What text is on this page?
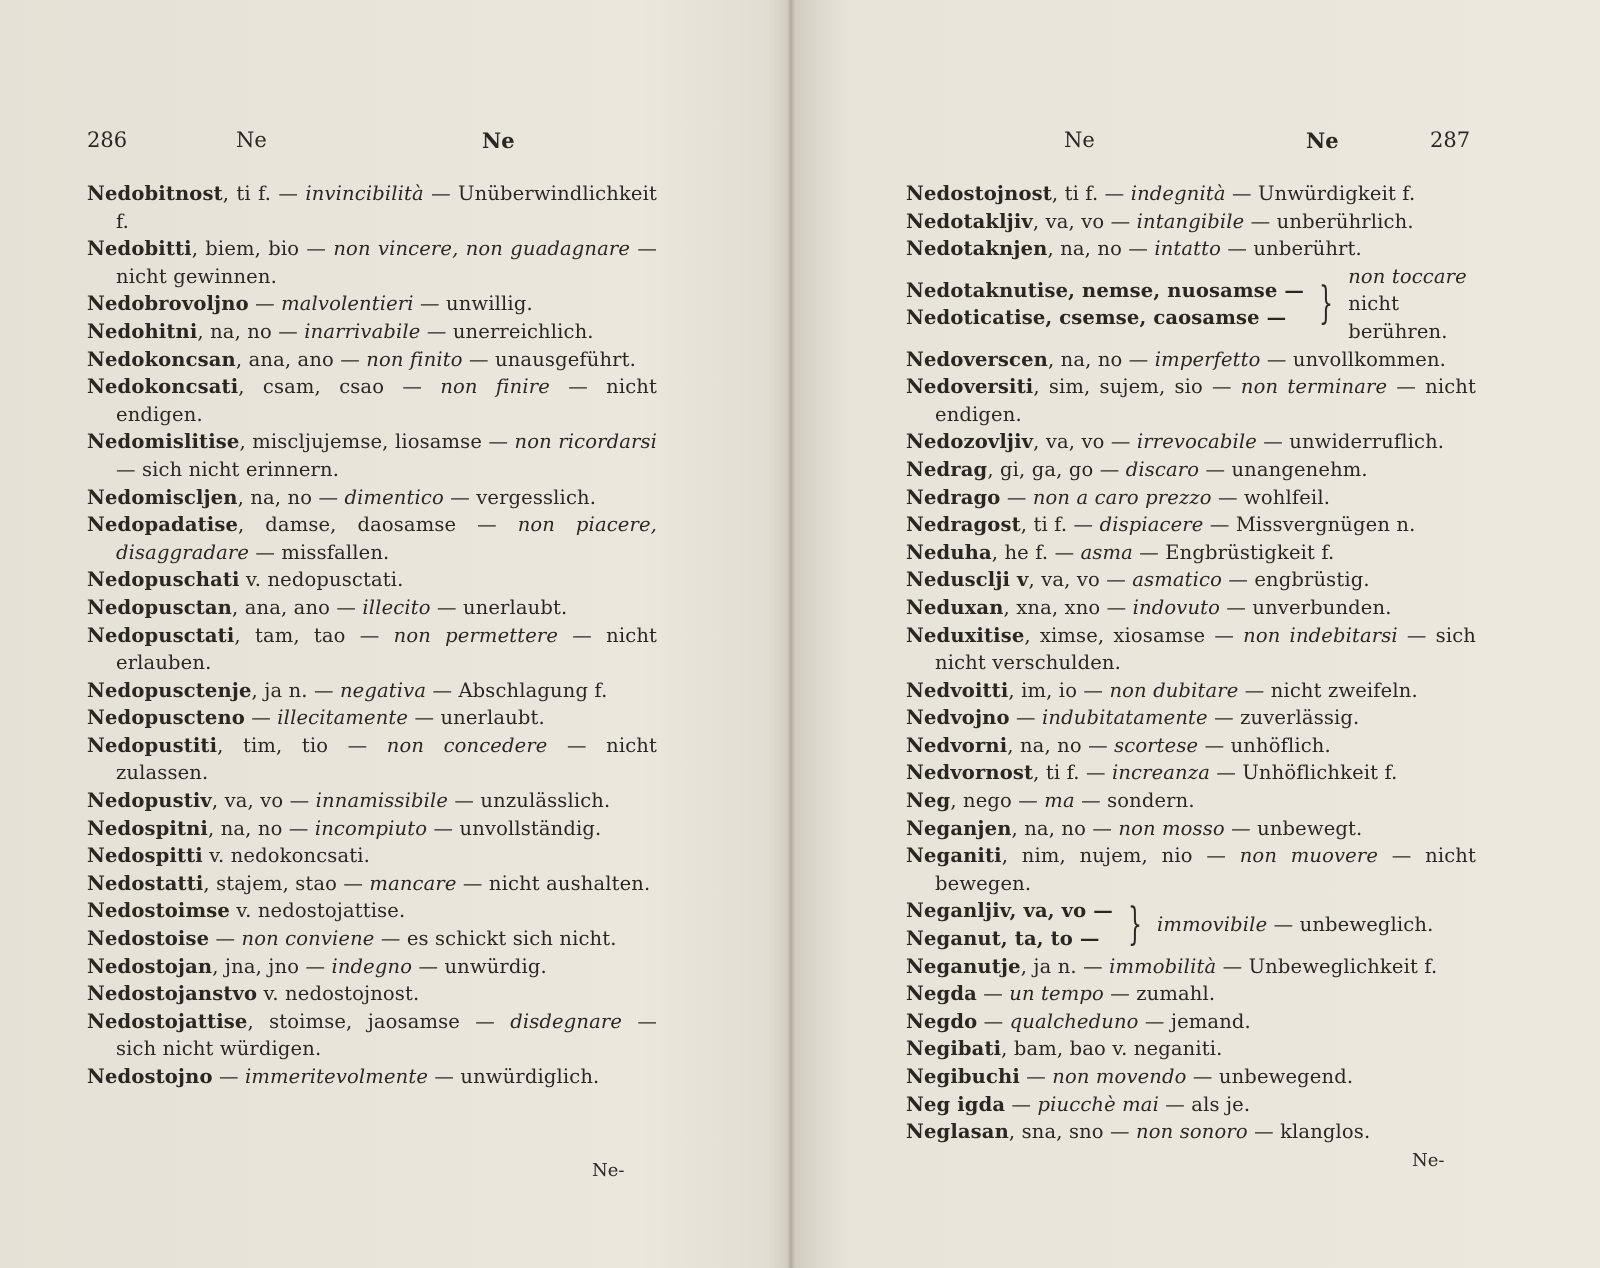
286	Ne	Ne
Nedobitnost, ti f. — invincibilità — Unüberwindlichkeit f.
Nedobitti, biem, bio — non vincere, non guadagnare — nicht gewinnen.
Nedobrovoljno — malvolentieri — unwillig.
Nedohitni, na, no — inarrivabile — unerreichlich.
Nedokoncsan, ana, ano — non finito — unausgeführt.
Nedokoncsati, csam, csao — non finire — nicht endigen.
Nedomislitise, miscljujemse, liosamse — non ricordarsi — sich nicht erinnern.
Nedomiscljen, na, no — dimentico — vergesslich.
Nedopadatise, damse, daosamse — non piacere, disaggradare — missfallen.
Nedopuschati v. nedopusctati.
Nedopusctan, ana, ano — illecito — unerlaubt.
Nedopusctati, tam, tao — non permettere — nicht erlauben.
Nedopusctenje, ja n. — negativa — Abschlagung f.
Nedopuscteno — illecitamente — unerlaubt.
Nedopustiti, tim, tio — non concedere — nicht zulassen.
Nedopustiv, va, vo — innamissibile — unzulässlich.
Nedospitni, na, no — incompiuto — unvollständig.
Nedospitti v. nedokoncsati.
Nedostatti, stajem, stao — mancare — nicht aushalten.
Nedostoimse v. nedostojattise.
Nedostoise — non conviene — es schickt sich nicht.
Nedostojan, jna, jno — indegno — unwürdig.
Nedostojanstvo v. nedostojnost.
Nedostojattise, stoimse, jaosamse — disdegnare — sich nicht würdigen.
Nedostojno — immeritevolmente — unwürdiglich.
Ne-
Ne	Ne	287
Nedostojnost, ti f. — indegnità — Unwürdigkeit f.
Nedotakljiv, va, vo — intangibile — unberührlich.
Nedotaknjen, na, no — intatto — unberührt.
Nedotaknutise, nemse, nuosamse —
Nedoticatise, csemse, caosamse — }
non toccare
nicht berühren.
Nedoverscen, na, no — imperfetto — unvollkommen.
Nedoversiti, sim, sujem, sio — non terminare — nicht endigen.
Nedozovljiv, va, vo — irrevocabile — unwiderruflich.
Nedrag, gi, ga, go — discaro — unangenehm.
Nedrago — non a caro prezzo — wohlfeil.
Nedragost, ti f. — dispiacere — Missvergnügen n.
Neduha, he f. — asma — Engbrüstigkeit f.
Nedusclji v, va, vo — asmatico — engbrüstig.
Neduxan, xna, xno — indovuto — unverbunden.
Neduxitise, ximse, xiosamse — non indebitarsi — sich nicht verschulden.
Nedvoitti, im, io — non dubitare — nicht zweifeln.
Nedvojno — indubitatamente — zuverlässig.
Nedvorni, na, no — scortese — unhöflich.
Nedvornost, ti f. — increanza — Unhöflichkeit f.
Neg, nego — ma — sondern.
Neganjen, na, no — non mosso — unbewegt.
Neganiti, nim, nujem, nio — non muovere — nicht bewegen.
Neganljiv, va, vo —
Neganut, ta, to — } immovibile — unbeweglich.
Neganutje, ja n. — immobilità — Unbeweglichkeit f.
Negda — un tempo — zumahl.
Negdo — qualcheduno — jemand.
Negibati, bam, bao v. neganiti.
Negibuchi — non movendo — unbewegend.
Neg igda — piucchè mai — als je.
Neglasan, sna, sno — non sonoro — klanglos.
Ne-
